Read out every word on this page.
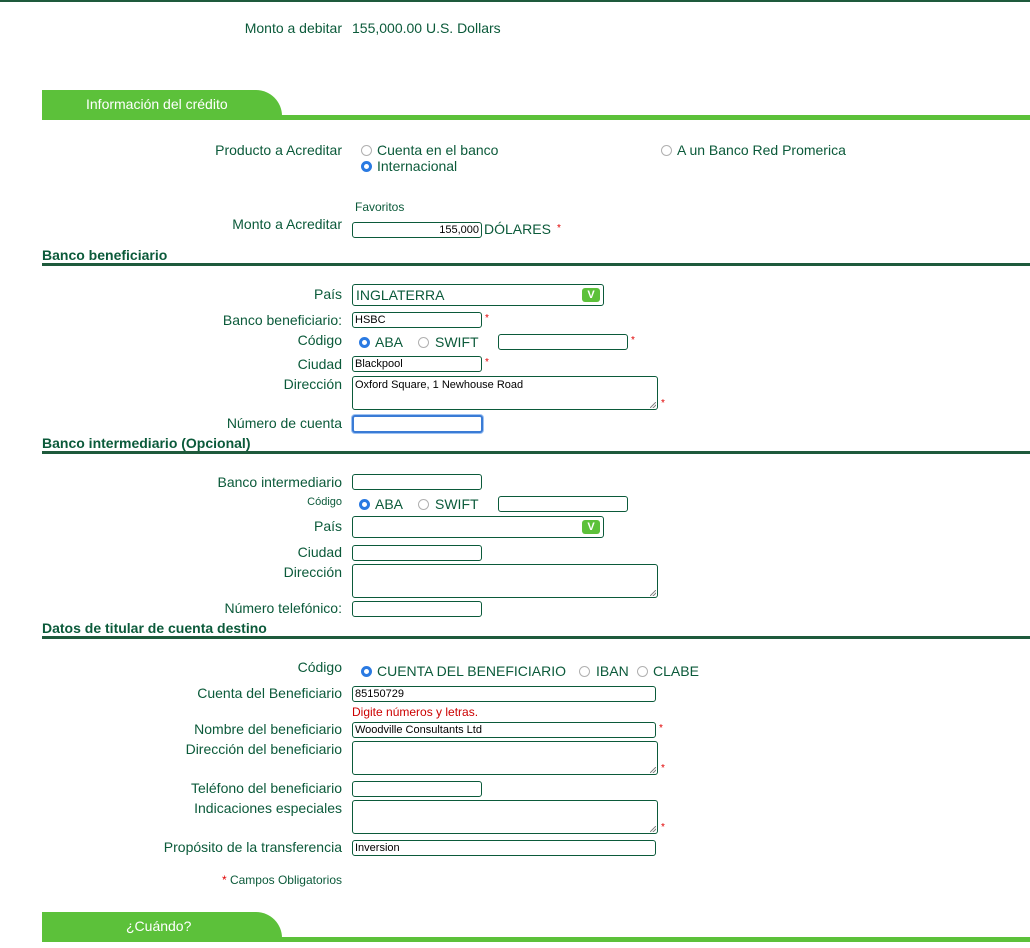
Monto a debitar 155,000.00 U.S. Dollars
Información del crédito
Producto a Acreditar	Cuenta en el banco	A un Banco Red Promerica
Internacional
Favoritos
Monto a Acreditar	155,000 DÓLARES *
Banco beneficiario
País INGLATERRA	V
Banco beneficiario: HSBC	*
Código ABA SWIFT	*
Ciudad Blackpool	*
Dirección Oxford Square, 1 Newhouse Road
*
Número de cuenta
Banco intermediario (Opcional)
Banco intermediario
Código ABA SWIFT
País	V
Ciudad
Dirección
Número telefónico:
Datos de titular de cuenta destino
Código	CUENTA DEL BENEFICIARIO IBAN CLABE
Cuenta del Beneficiario 85150729
Digite números y letras.
Nombre del beneficiario Woodville Consultants Ltd	*
Dirección del beneficiario
*
Teléfono del beneficiario
Indicaciones especiales
*
Propósito de la transferencia Inversion
* Campos Obligatorios
¿Cuándo?
